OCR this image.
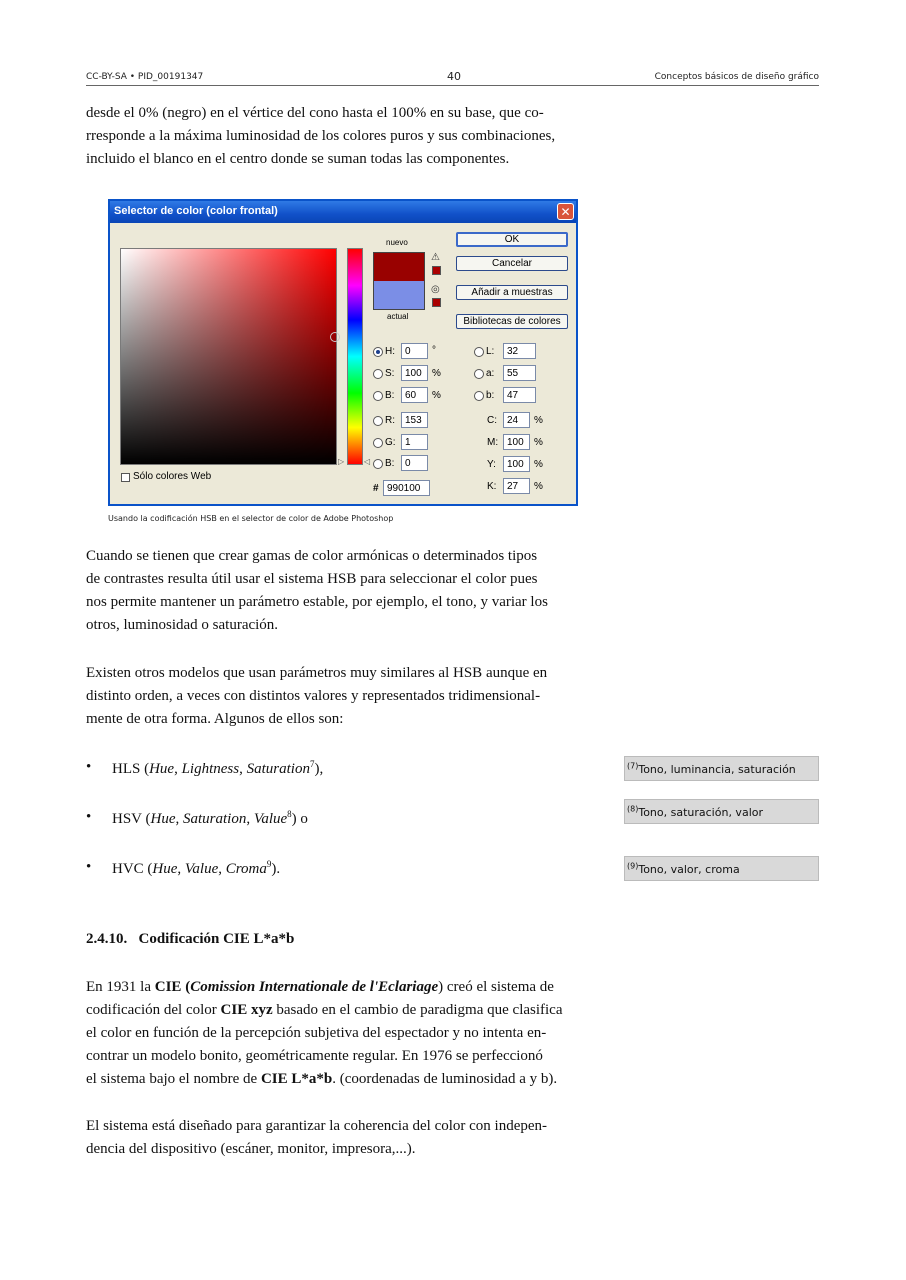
CC-BY-SA • PID_00191347	40	Conceptos básicos de diseño gráfico
desde el 0% (negro) en el vértice del cono hasta el 100% en su base, que co-
rresponde a la máxima luminosidad de los colores puros y sus combinaciones,
incluido el blanco en el centro donde se suman todas las componentes.
Selector de color (color frontal)	✕
▷ ◁
Sólo colores Web
nuevo
actual
⚠
◎
OK
Cancelar
Añadir a muestras
Bibliotecas de colores
H:	0	°
S:	100	%
B:	60	%
R:	153
G: 1
B:	0
# 990100
L:	32
a:	55
b:	47
C:	24	%
M: 100	%
Y:	100	%
K:	27	%
Usando la codificación HSB en el selector de color de Adobe Photoshop
Cuando se tienen que crear gamas de color armónicas o determinados tipos
de contrastes resulta útil usar el sistema HSB para seleccionar el color pues
nos permite mantener un parámetro estable, por ejemplo, el tono, y variar los
otros, luminosidad o saturación.
Existen otros modelos que usan parámetros muy similares al HSB aunque en
distinto orden, a veces con distintos valores y representados tridimensional-
mente de otra forma. Algunos de ellos son:
• HLS (Hue, Lightness, Saturation$^7$),	$^{(7)}$Tono, luminancia, saturación
• HSV (Hue, Saturation, Value$^8$) o
$^{(8)}$Tono, saturación, valor
• HVC (Hue, Value, Croma$^9$).	$^{(9)}$Tono, valor, croma
2.4.10.   Codificación CIE L*a*b
En 1931 la CIE (Comission Internationale de l'Eclariage) creó el sistema de
codificación del color CIE xyz basado en el cambio de paradigma que clasifica
el color en función de la percepción subjetiva del espectador y no intenta en-
contrar un modelo bonito, geométricamente regular. En 1976 se perfeccionó
el sistema bajo el nombre de CIE L*a*b. (coordenadas de luminosidad a y b).
El sistema está diseñado para garantizar la coherencia del color con indepen-
dencia del dispositivo (escáner, monitor, impresora,...).
